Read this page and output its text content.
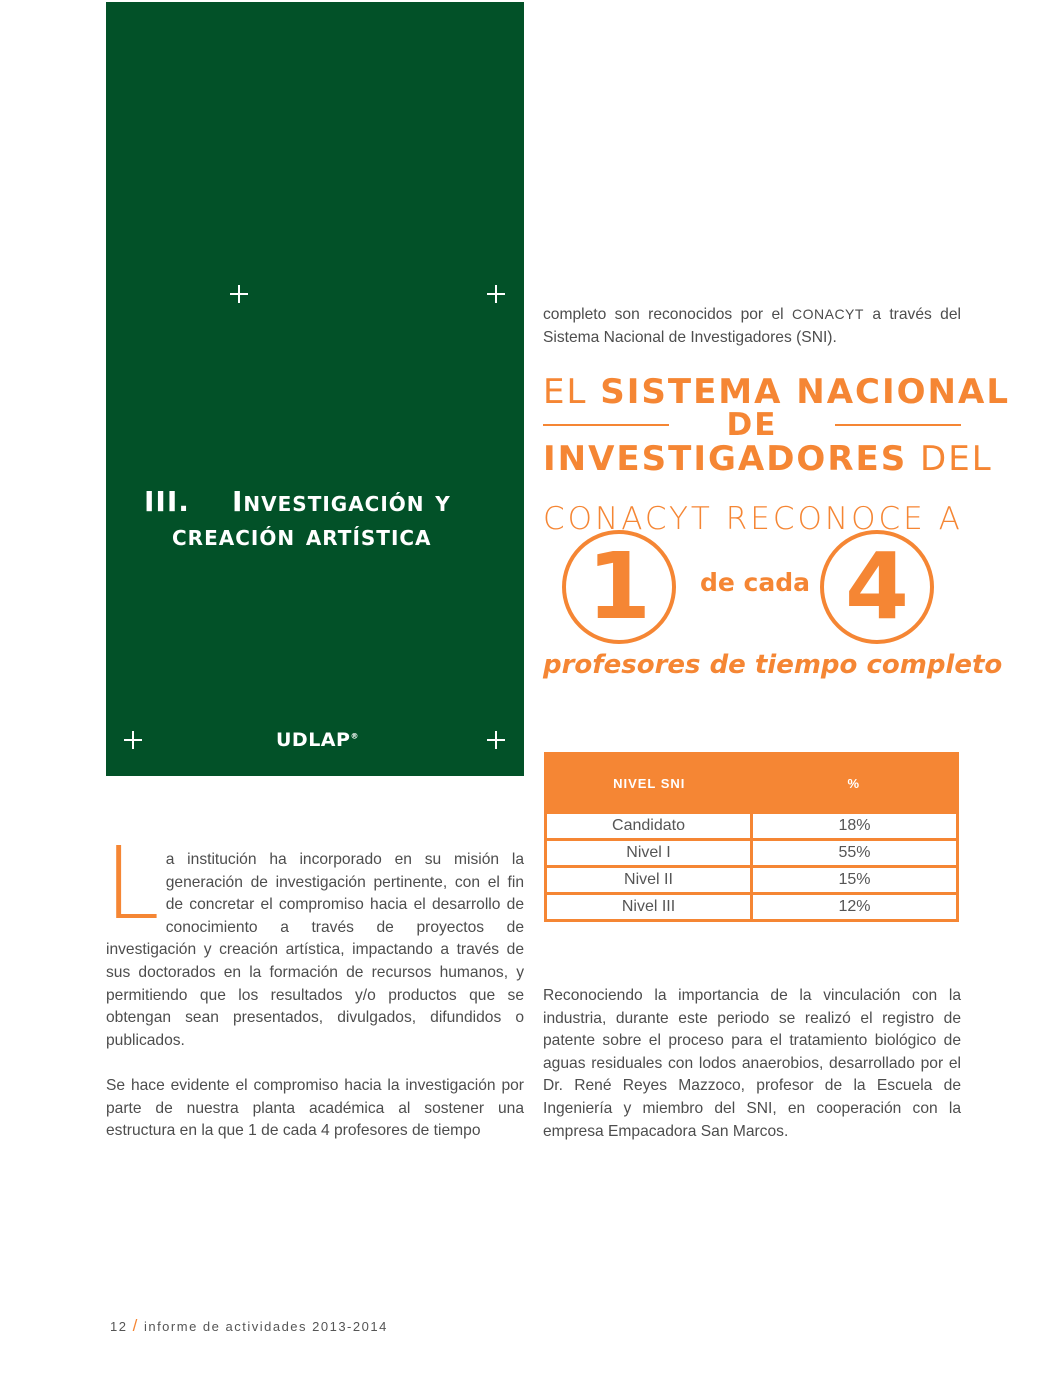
III. Investigación y
creación artística
UDLAP®
completo son reconocidos por el CONACYT a través del Sistema Nacional de Investigadores (SNI).
EL SISTEMA NACIONAL
DE
INVESTIGADORES DEL
CONACYT RECONOCE A
1	de cada 4
profesores de tiempo completo
NIVEL SNI	%
Candidato	18%
Nivel I	55%
Nivel II	15%
Nivel III	12%
La institución ha incorporado en su misión la generación de investigación pertinente, con el fin de concretar el compromiso hacia el desarrollo de conocimiento a través de proyectos de investigación y creación artística, impactando a través de sus doctorados en la formación de recursos humanos, y permitiendo que los resultados y/o productos que se obtengan sean presentados, divulgados, difundidos o publicados.
Se hace evidente el compromiso hacia la investigación por parte de nuestra planta académica al sostener una estructura en la que 1 de cada 4 profesores de tiempo
Reconociendo la importancia de la vinculación con la industria, durante este periodo se realizó el registro de patente sobre el proceso para el tratamiento biológico de aguas residuales con lodos anaerobios, desarrollado por el Dr. René Reyes Mazzoco, profesor de la Escuela de Ingeniería y miembro del SNI, en cooperación con la empresa Empacadora San Marcos.
12 / informe de actividades 2013-2014
